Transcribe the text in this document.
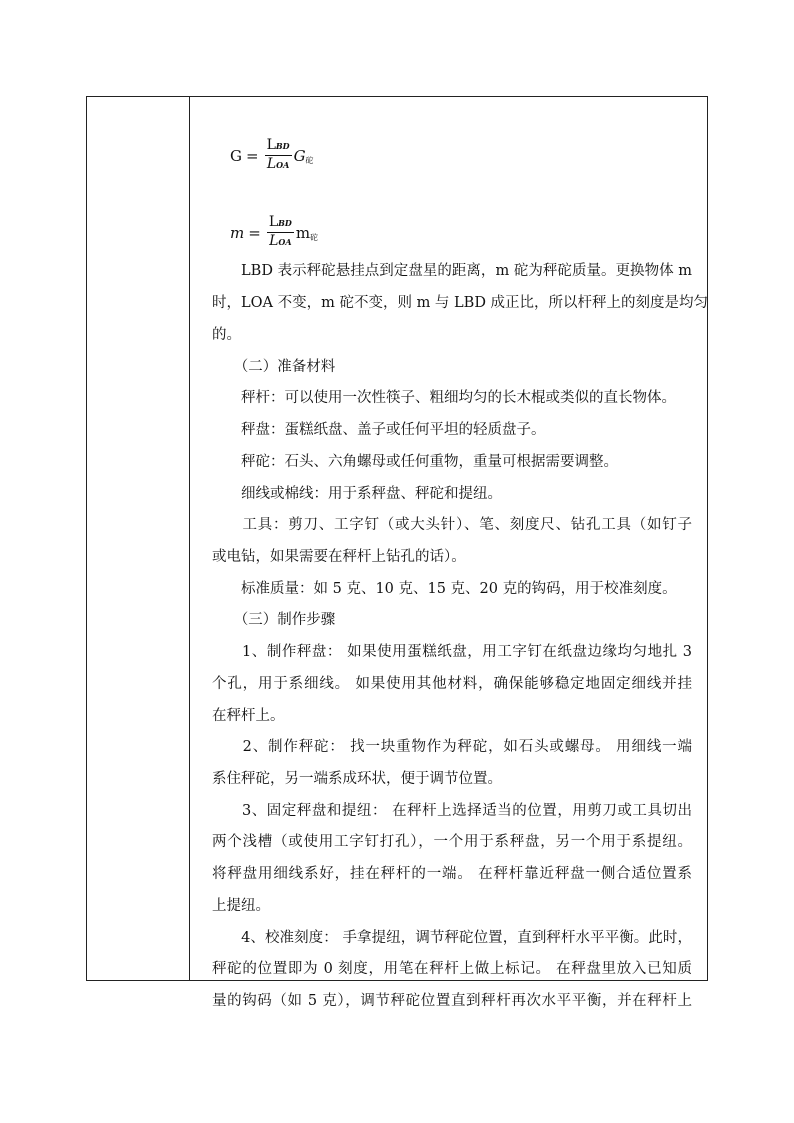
$G = \frac{\text{LBD}}{\text{LOA}}$ G 砣
$m = \frac{\text{LBD}}{\text{LOA}}$ m 砣
　　LBD 表示秤砣悬挂点到定盘星的距离，m 砣为秤砣质量。更换物体 m
时，LOA 不变，m 砣不变，则 m 与 LBD 成正比，所以杆秤上的刻度是均匀
的。
　　（二）准备材料
　　秤杆：可以使用一次性筷子、粗细均匀的长木棍或类似的直长物体。
　　秤盘：蛋糕纸盘、盖子或任何平坦的轻质盘子。
　　秤砣：石头、六角螺母或任何重物，重量可根据需要调整。
　　细线或棉线：用于系秤盘、秤砣和提纽。
　　工具：剪刀、工字钉（或大头针）、笔、刻度尺、钻孔工具（如钉子
或电钻，如果需要在秤杆上钻孔的话）。
　　标准质量：如 5 克、10 克、15 克、20 克的钩码，用于校准刻度。
　　（三）制作步骤
　　1、制作秤盘： 如果使用蛋糕纸盘，用工字钉在纸盘边缘均匀地扎 3
个孔，用于系细线。 如果使用其他材料，确保能够稳定地固定细线并挂
在秤杆上。
　　2、制作秤砣： 找一块重物作为秤砣，如石头或螺母。 用细线一端
系住秤砣，另一端系成环状，便于调节位置。
　　3、固定秤盘和提纽： 在秤杆上选择适当的位置，用剪刀或工具切出
两个浅槽（或使用工字钉打孔），一个用于系秤盘，另一个用于系提纽。
将秤盘用细线系好，挂在秤杆的一端。 在秤杆靠近秤盘一侧合适位置系
上提纽。
　　4、校准刻度： 手拿提纽，调节秤砣位置，直到秤杆水平平衡。此时，
秤砣的位置即为 0 刻度，用笔在秤杆上做上标记。 在秤盘里放入已知质
量的钩码（如 5 克），调节秤砣位置直到秤杆再次水平平衡，并在秤杆上
